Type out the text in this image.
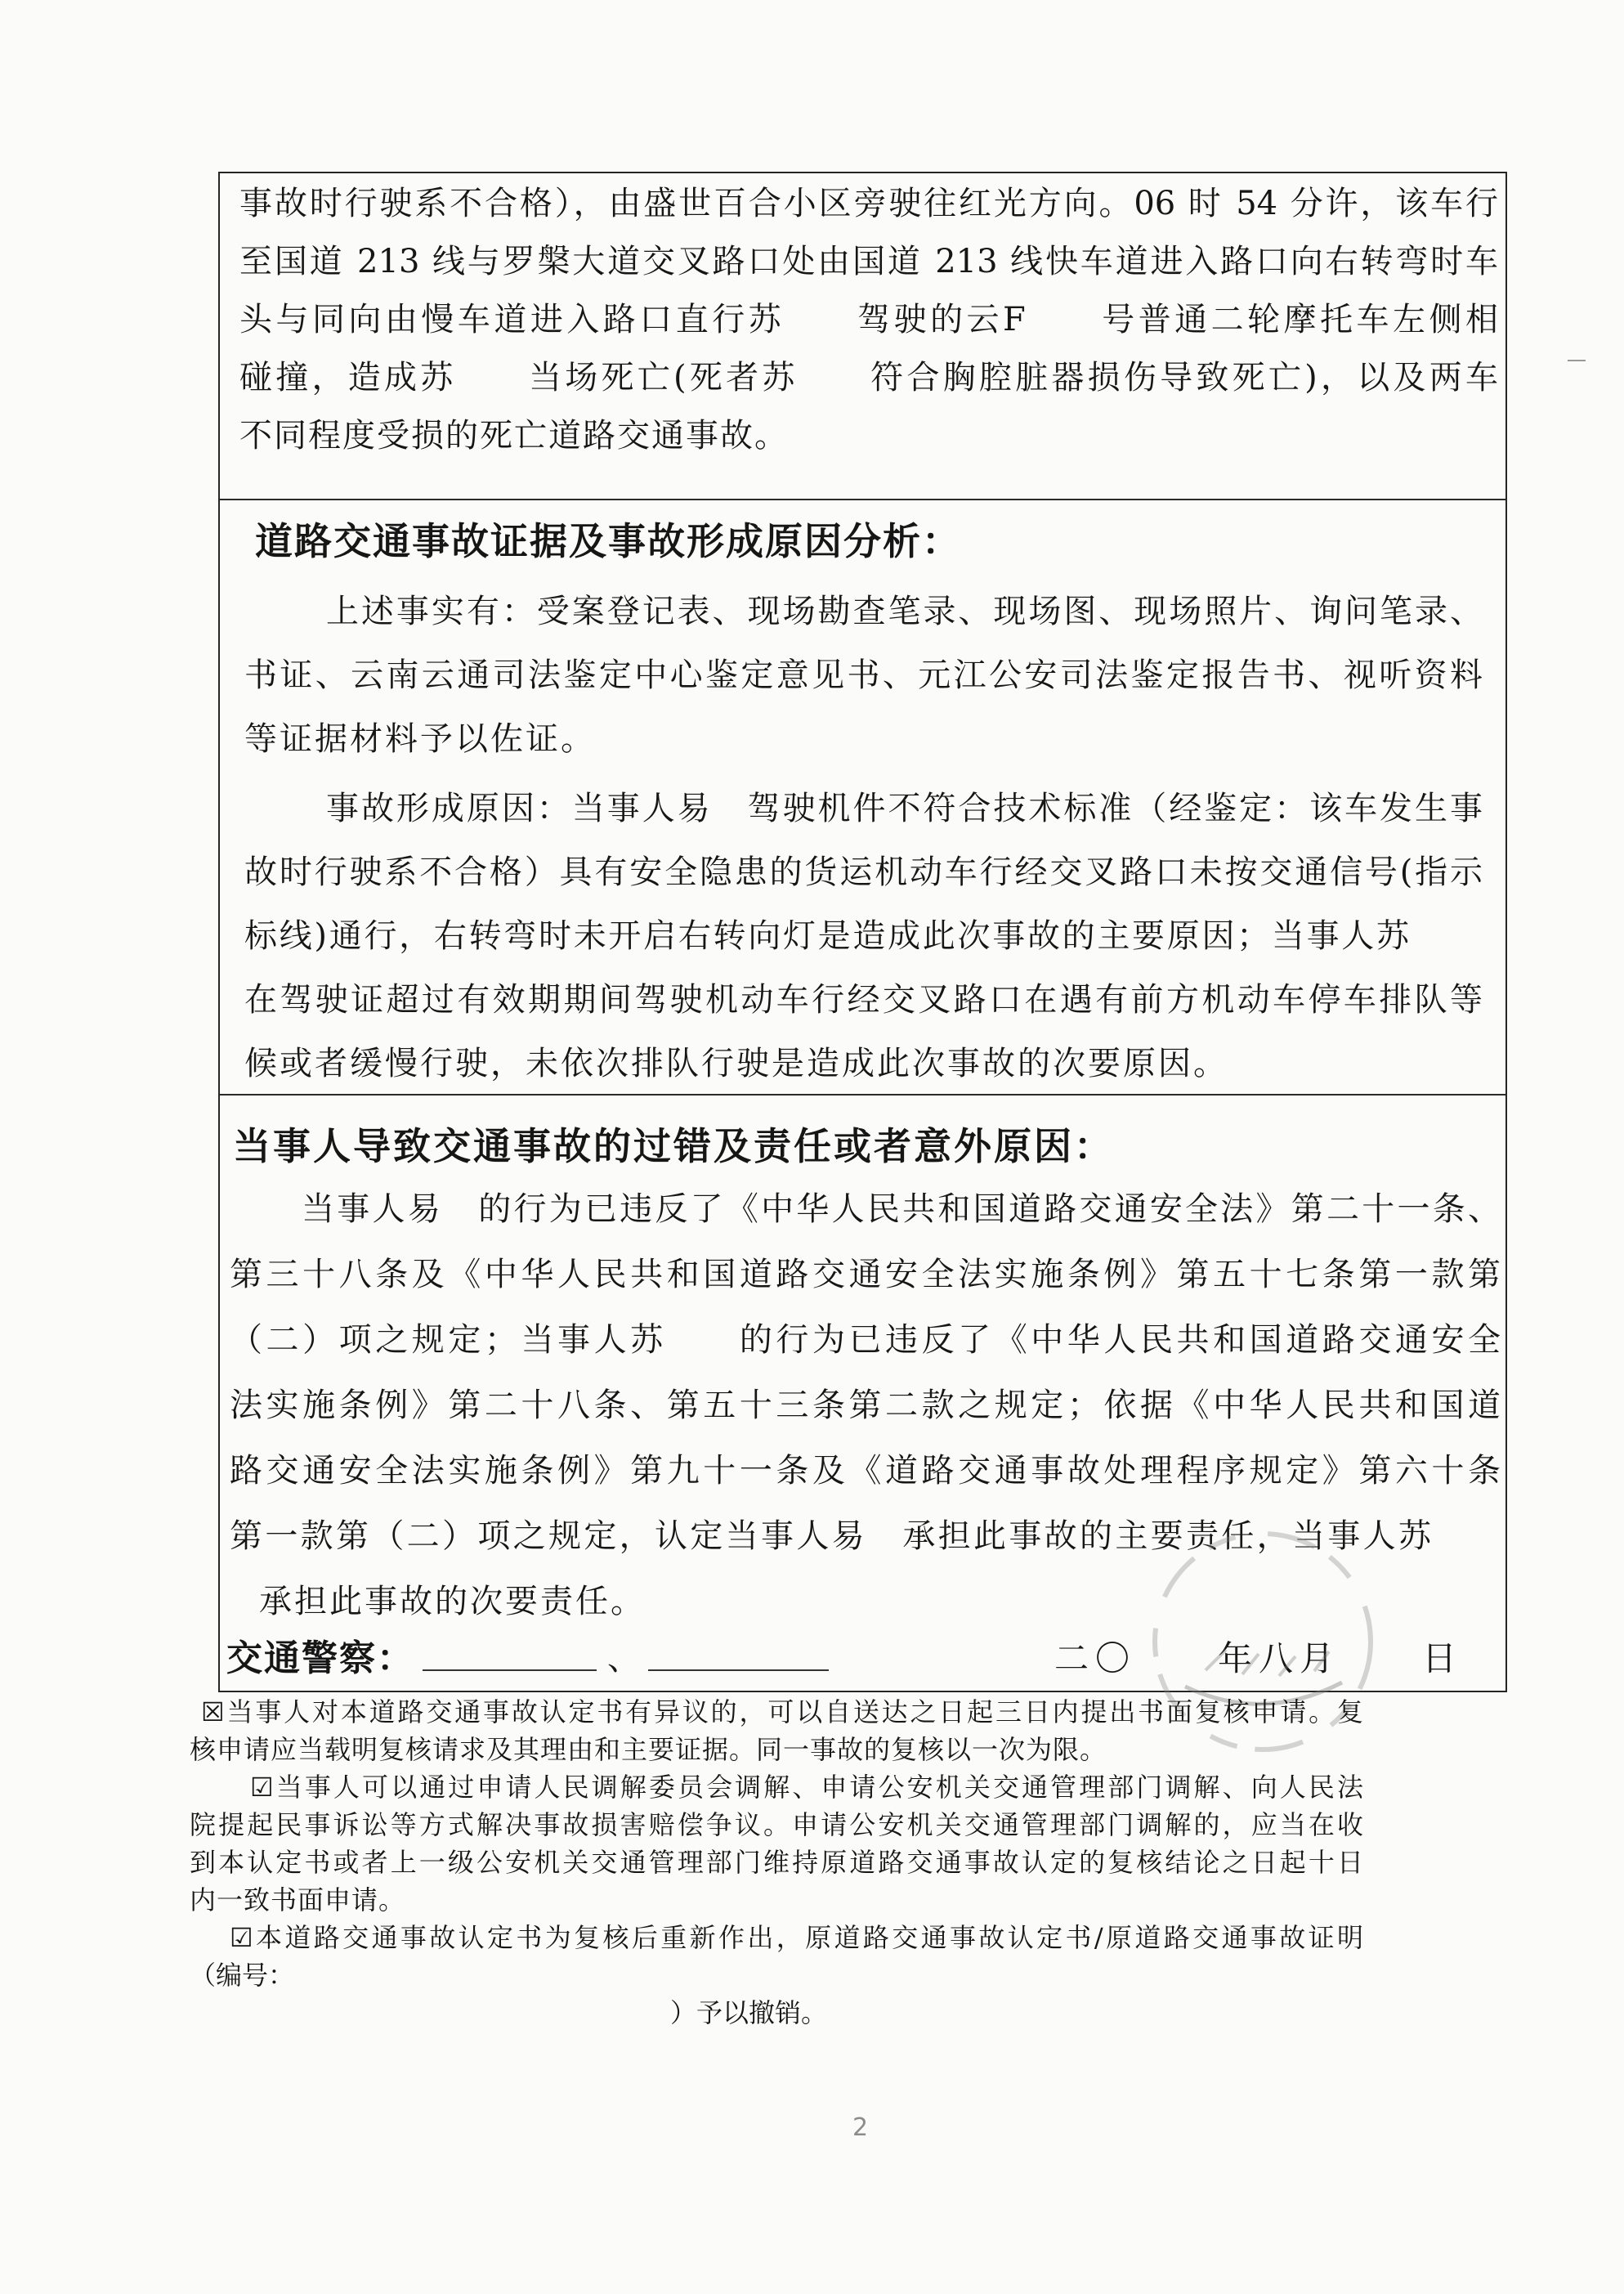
事故时行驶系不合格），由盛世百合小区旁驶往红光方向。06 时 54 分许，该车行
至国道 213 线与罗槃大道交叉路口处由国道 213 线快车道进入路口向右转弯时车
头与同向由慢车道进入路口直行苏　　驾驶的云F　　号普通二轮摩托车左侧相
碰撞，造成苏　　当场死亡(死者苏　　符合胸腔脏器损伤导致死亡)，以及两车
不同程度受损的死亡道路交通事故。
道路交通事故证据及事故形成原因分析：
上述事实有：受案登记表、现场勘查笔录、现场图、现场照片、询问笔录、
书证、云南云通司法鉴定中心鉴定意见书、元江公安司法鉴定报告书、视听资料
等证据材料予以佐证。
事故形成原因：当事人易　驾驶机件不符合技术标准（经鉴定：该车发生事
故时行驶系不合格）具有安全隐患的货运机动车行经交叉路口未按交通信号(指示
标线)通行，右转弯时未开启右转向灯是造成此次事故的主要原因；当事人苏
在驾驶证超过有效期期间驾驶机动车行经交叉路口在遇有前方机动车停车排队等
候或者缓慢行驶，未依次排队行驶是造成此次事故的次要原因。
当事人导致交通事故的过错及责任或者意外原因：
当事人易　的行为已违反了《中华人民共和国道路交通安全法》第二十一条、
第三十八条及《中华人民共和国道路交通安全法实施条例》第五十七条第一款第
（二）项之规定；当事人苏　　的行为已违反了《中华人民共和国道路交通安全
法实施条例》第二十八条、第五十三条第二款之规定；依据《中华人民共和国道
路交通安全法实施条例》第九十一条及《道路交通事故处理程序规定》第六十条
第一款第（二）项之规定，认定当事人易　承担此事故的主要责任，当事人苏
承担此事故的次要责任。
交通警察：	、	二〇　　年八月　　日
☒当事人对本道路交通事故认定书有异议的，可以自送达之日起三日内提出书面复核申请。复
核申请应当载明复核请求及其理由和主要证据。同一事故的复核以一次为限。
☑当事人可以通过申请人民调解委员会调解、申请公安机关交通管理部门调解、向人民法
院提起民事诉讼等方式解决事故损害赔偿争议。申请公安机关交通管理部门调解的，应当在收
到本认定书或者上一级公安机关交通管理部门维持原道路交通事故认定的复核结论之日起十日
内一致书面申请。
☑本道路交通事故认定书为复核后重新作出，原道路交通事故认定书/原道路交通事故证明
（编号：
）予以撤销。
2
